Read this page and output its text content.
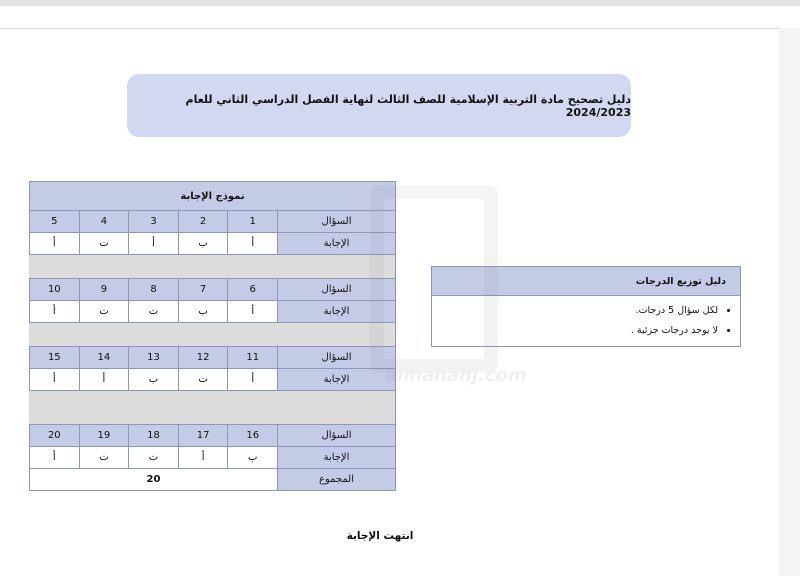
دليل تصحيح مادة التربية الإسلامية للصف الثالث لنهاية الفصل الدراسي الثاني للعام 2024/2023
نموذج الإجابة					
السؤال	1	2	3	4	5
الإجابة	أ	ب	أ	ت	أ

السؤال	6	7	8	9	10
الإجابة	أ	ب	ت	ت	أ

السؤال	11	12	13	14	15
الإجابة	أ	ت	ب	أ	أ

السؤال	16	17	18	19	20
الإجابة	ب	أ	ت	ت	أ
المجموع	20				
دليل توزيع الدرجات
• لكل سؤال 5 درجات.
• لا يوجد درجات جزئية .
almanahj.com
انتهت الإجابة
